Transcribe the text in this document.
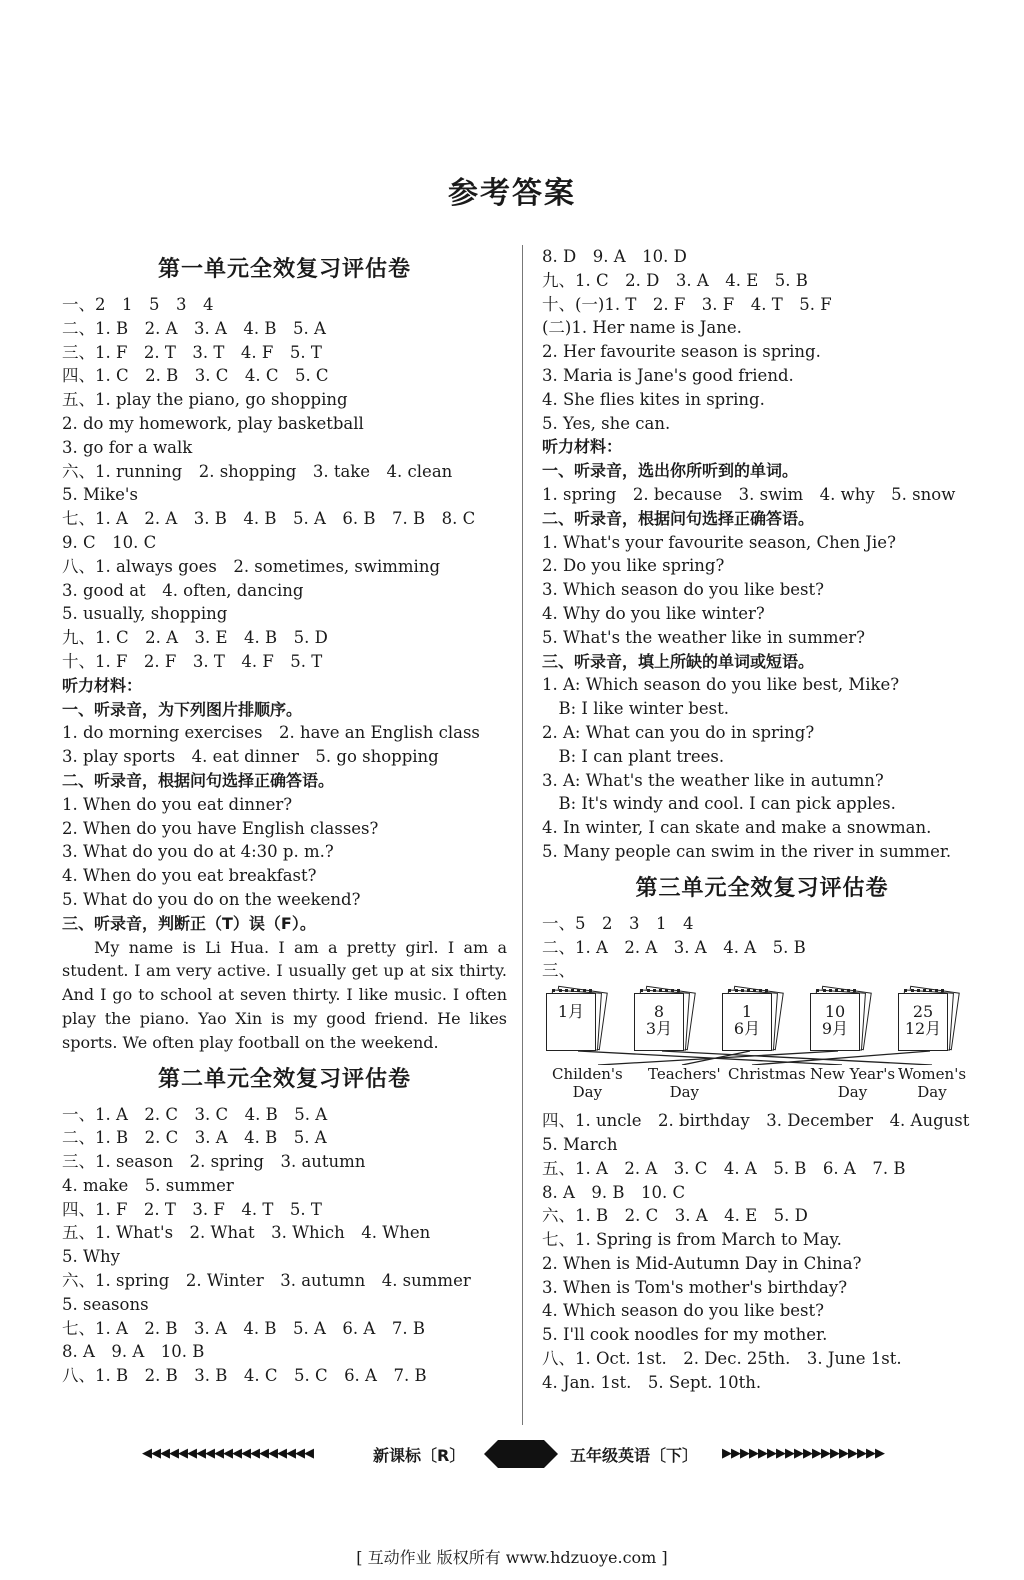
参考答案
第一单元全效复习评估卷
一、2　1　5　3　4
二、1. B　2. A　3. A　4. B　5. A
三、1. F　2. T　3. T　4. F　5. T
四、1. C　2. B　3. C　4. C　5. C
五、1. play the piano, go shopping
2. do my homework, play basketball
3. go for a walk
六、1. running　2. shopping　3. take　4. clean
5. Mike's
七、1. A　2. A　3. B　4. B　5. A　6. B　7. B　8. C
9. C　10. C
八、1. always goes　2. sometimes, swimming
3. good at　4. often, dancing
5. usually, shopping
九、1. C　2. A　3. E　4. B　5. D
十、1. F　2. F　3. T　4. F　5. T
听力材料：
一、听录音，为下列图片排顺序。
1. do morning exercises　2. have an English class
3. play sports　4. eat dinner　5. go shopping
二、听录音，根据问句选择正确答语。
1. When do you eat dinner?
2. When do you have English classes?
3. What do you do at 4:30 p. m.?
4. When do you eat breakfast?
5. What do you do on the weekend?
三、听录音，判断正（T）误（F）。
My name is Li Hua. I am a pretty girl. I am a student. I am very active. I usually get up at six thirty. And I go to school at seven thirty. I like music. I often play the piano. Yao Xin is my good friend. He likes sports. We often play football on the weekend.
第二单元全效复习评估卷
一、1. A　2. C　3. C　4. B　5. A
二、1. B　2. C　3. A　4. B　5. A
三、1. season　2. spring　3. autumn
4. make　5. summer
四、1. F　2. T　3. F　4. T　5. T
五、1. What's　2. What　3. Which　4. When
5. Why
六、1. spring　2. Winter　3. autumn　4. summer
5. seasons
七、1. A　2. B　3. A　4. B　5. A　6. A　7. B
8. A　9. A　10. B
八、1. B　2. B　3. B　4. C　5. C　6. A　7. B
8. D　9. A　10. D
九、1. C　2. D　3. A　4. E　5. B
十、(一)1. T　2. F　3. F　4. T　5. F
(二)1. Her name is Jane.
2. Her favourite season is spring.
3. Maria is Jane's good friend.
4. She flies kites in spring.
5. Yes, she can.
听力材料：
一、听录音，选出你所听到的单词。
1. spring　2. because　3. swim　4. why　5. snow
二、听录音，根据问句选择正确答语。
1. What's your favourite season, Chen Jie?
2. Do you like spring?
3. Which season do you like best?
4. Why do you like winter?
5. What's the weather like in summer?
三、听录音，填上所缺的单词或短语。
1. A: Which season do you like best, Mike?
　B: I like winter best.
2. A: What can you do in spring?
　B: I can plant trees.
3. A: What's the weather like in autumn?
　B: It's windy and cool. I can pick apples.
4. In winter, I can skate and make a snowman.
5. Many people can swim in the river in summer.
第三单元全效复习评估卷
一、5　2　3　1　4
二、1. A　2. A　3. A　4. A　5. B
三、
1月	8
3月
1
6月
10
9月
25
12月
Childen's
Day
Teachers'
Day
Christmas New Year's
Day
Women's
Day
四、1. uncle　2. birthday　3. December　4. August
5. March
五、1. A　2. A　3. C　4. A　5. B　6. A　7. B
8. A　9. B　10. C
六、1. B　2. C　3. A　4. E　5. D
七、1. Spring is from March to May.
2. When is Mid-Autumn Day in China?
3. When is Tom's mother's birthday?
4. Which season do you like best?
5. I'll cook noodles for my mother.
八、1. Oct. 1st.　2. Dec. 25th.　3. June 1st.
4. Jan. 1st.　5. Sept. 10th.
◀◀◀◀◀◀◀◀◀◀◀◀◀◀◀◀◀◀◀	新课标〔R〕	五年级英语〔下〕 ▶▶▶▶▶▶▶▶▶▶▶▶▶▶▶▶▶▶
[ 互动作业 版权所有 www.hdzuoye.com ]
